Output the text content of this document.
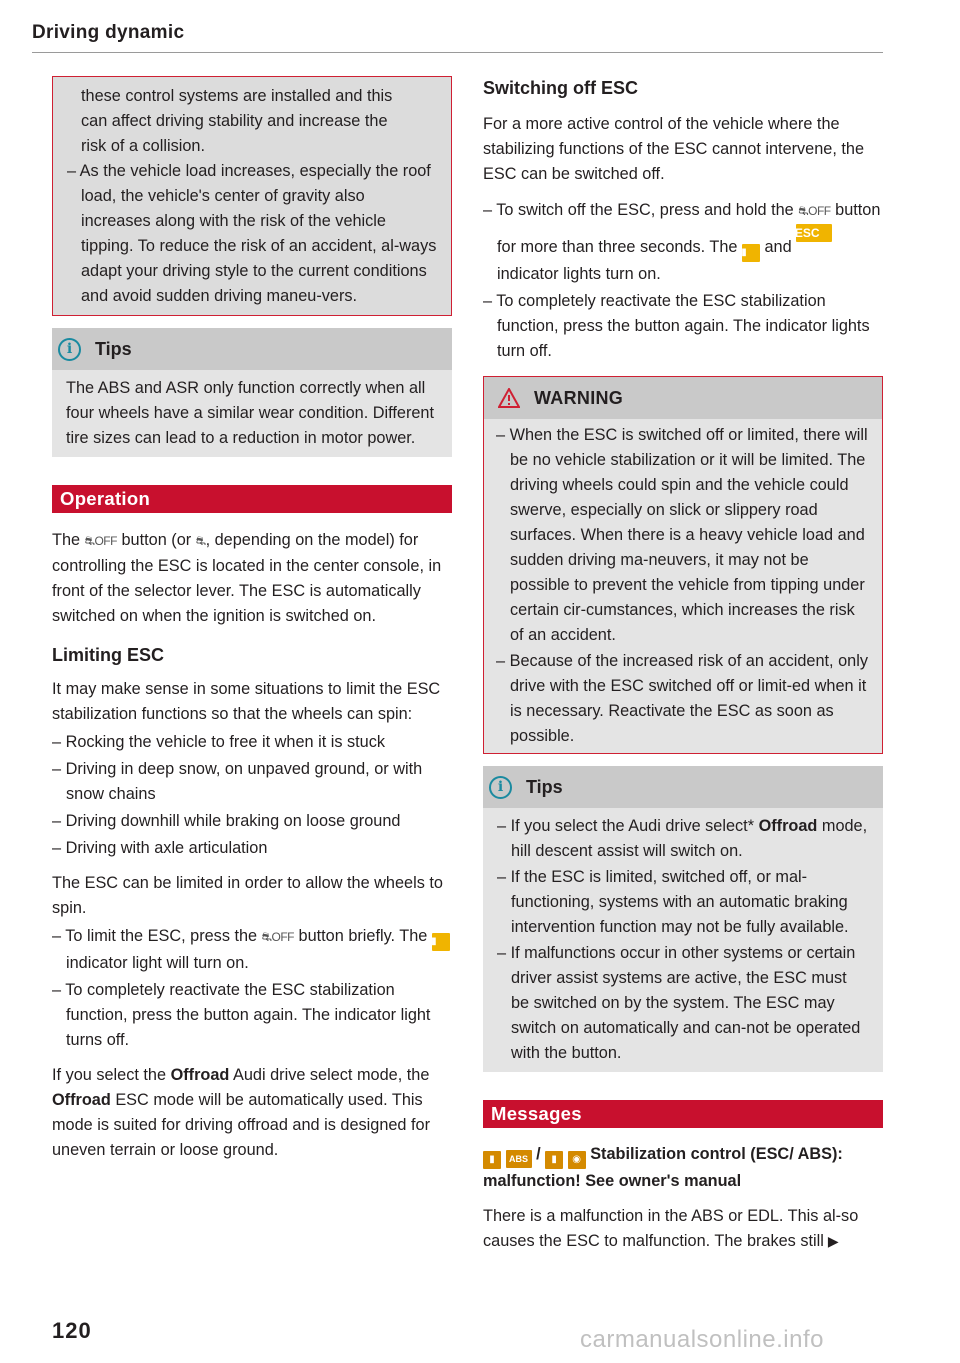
Driving dynamic

these control systems are installed and this

can affect driving stability and increase the

risk of a collision.

– As the vehicle load increases, especially the roof load, the vehicle's center of gravity also increases along with the risk of the vehicle tipping. To reduce the risk of an accident, al-ways adapt your driving style to the current conditions and avoid sudden driving maneu-vers.
i	Tips

The ABS and ASR only function correctly when all four wheels have a similar wear condition. Different tire sizes can lead to a reduction in motor power.

Operation

The ⛐OFF button (or ⛐, depending on the model) for controlling the ESC is located in the center console, in front of the selector lever. The ESC is automatically switched on when the ignition is switched on.

Limiting ESC

It may make sense in some situations to limit the ESC stabilization functions so that the wheels can spin:

– Rocking the vehicle to free it when it is stuck
– Driving in deep snow, on unpaved ground, or with snow chains
– Driving downhill while braking on loose ground
– Driving with axle articulation

The ESC can be limited in order to allow the wheels to spin.

– To limit the ESC, press the ⛐OFF button briefly. The ▮ indicator light will turn on.
– To completely reactivate the ESC stabilization function, press the button again. The indicator light turns off.

If you select the Offroad Audi drive select mode, the Offroad ESC mode will be automatically used. This mode is suited for driving offroad and is designed for uneven terrain or loose ground.

Switching off ESC

For a more active control of the vehicle where the stabilizing functions of the ESC cannot intervene, the ESC can be switched off.

– To switch off the ESC, press and hold the ⛐OFF button for more than three seconds. The ▮ and ESC OFF indicator lights turn on.
– To completely reactivate the ESC stabilization function, press the button again. The indicator lights turn off.
WARNING
– When the ESC is switched off or limited, there will be no vehicle stabilization or it will be limited. The driving wheels could spin and the vehicle could swerve, especially on slick or slippery road surfaces. When there is a heavy vehicle load and sudden driving ma-neuvers, it may not be possible to prevent the vehicle from tipping under certain cir-cumstances, which increases the risk of an accident.
– Because of the increased risk of an accident, only drive with the ESC switched off or limit-ed when it is necessary. Reactivate the ESC as soon as possible.
i	Tips
– If you select the Audi drive select* Offroad mode, hill descent assist will switch on.
– If the ESC is limited, switched off, or mal-functioning, systems with an automatic braking intervention function may not be fully available.
– If malfunctions occur in other systems or certain driver assist systems are active, the ESC must be switched on by the system. The ESC may switch on automatically and can-not be operated with the button.
Messages

▮ ABS / ▮ ◉ Stabilization control (ESC/ ABS): malfunction! See owner's manual

There is a malfunction in the ABS or EDL. This al-so causes the ESC to malfunction. The brakes still ▶

120	carmanualsonline.info
